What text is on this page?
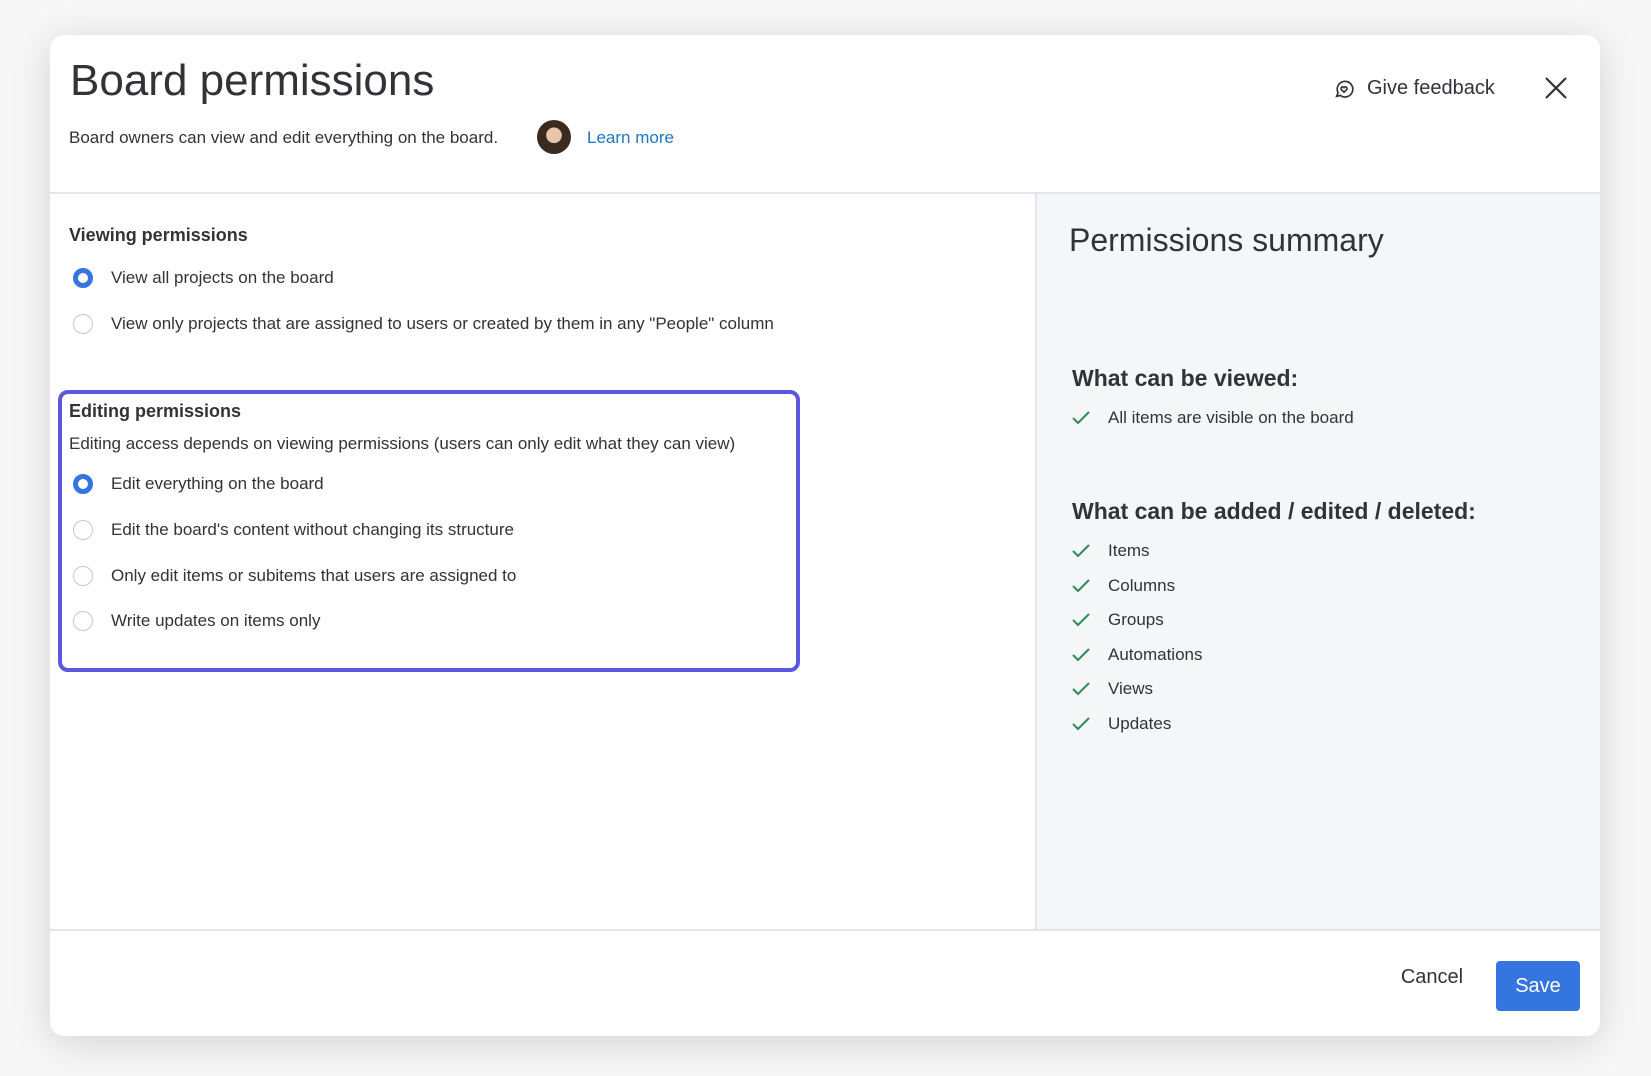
Board permissions
Board owners can view and edit everything on the board.	Learn more
Give feedback
Viewing permissions
View all projects on the board
View only projects that are assigned to users or created by them in any "People" column
Editing permissions
Editing access depends on viewing permissions (users can only edit what they can view)
Edit everything on the board
Edit the board's content without changing its structure
Only edit items or subitems that users are assigned to
Write updates on items only
Permissions summary
What can be viewed:
All items are visible on the board
What can be added / edited / deleted:
Items
Columns
Groups
Automations
Views
Updates
Cancel	Save
